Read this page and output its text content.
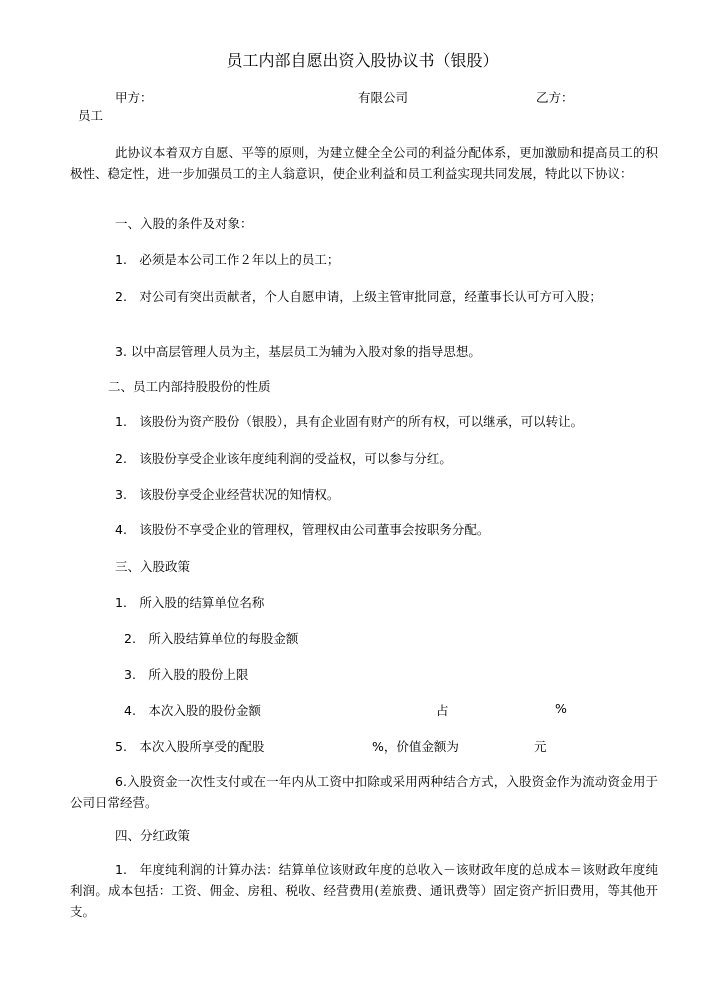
员工内部自愿出资入股协议书（银股）
甲方：	有限公司	乙方：
员工
此协议本着双方自愿、平等的原则，为建立健全全公司的利益分配体系，更加激励和提高员工的积极性、稳定性，进一步加强员工的主人翁意识，使企业利益和员工利益实现共同发展，特此以下协议：
一、入股的条件及对象：
1.　必须是本公司工作２年以上的员工；
2.　对公司有突出贡献者，个人自愿申请，上级主管审批同意，经董事长认可方可入股；
3. 以中高层管理人员为主，基层员工为辅为入股对象的指导思想。
二、员工内部持股股份的性质
1.　该股份为资产股份（银股），具有企业固有财产的所有权，可以继承，可以转让。
2.　该股份享受企业该年度纯利润的受益权，可以参与分红。
3.　该股份享受企业经营状况的知情权。
4.　该股份不享受企业的管理权，管理权由公司董事会按职务分配。
三、入股政策
1.　所入股的结算单位名称
2.　所入股结算单位的每股金额
3.　所入股的股份上限
4.　本次入股的股份金额	占	%
5.　本次入股所享受的配股	%，价值金额为	元
6.入股资金一次性支付或在一年内从工资中扣除或采用两种结合方式，入股资金作为流动资金用于公司日常经营。
四、分红政策
1.　年度纯利润的计算办法：结算单位该财政年度的总收入－该财政年度的总成本＝该财政年度纯利润。成本包括：工资、佣金、房租、税收、经营费用(差旅费、通讯费等）固定资产折旧费用，等其他开支。
